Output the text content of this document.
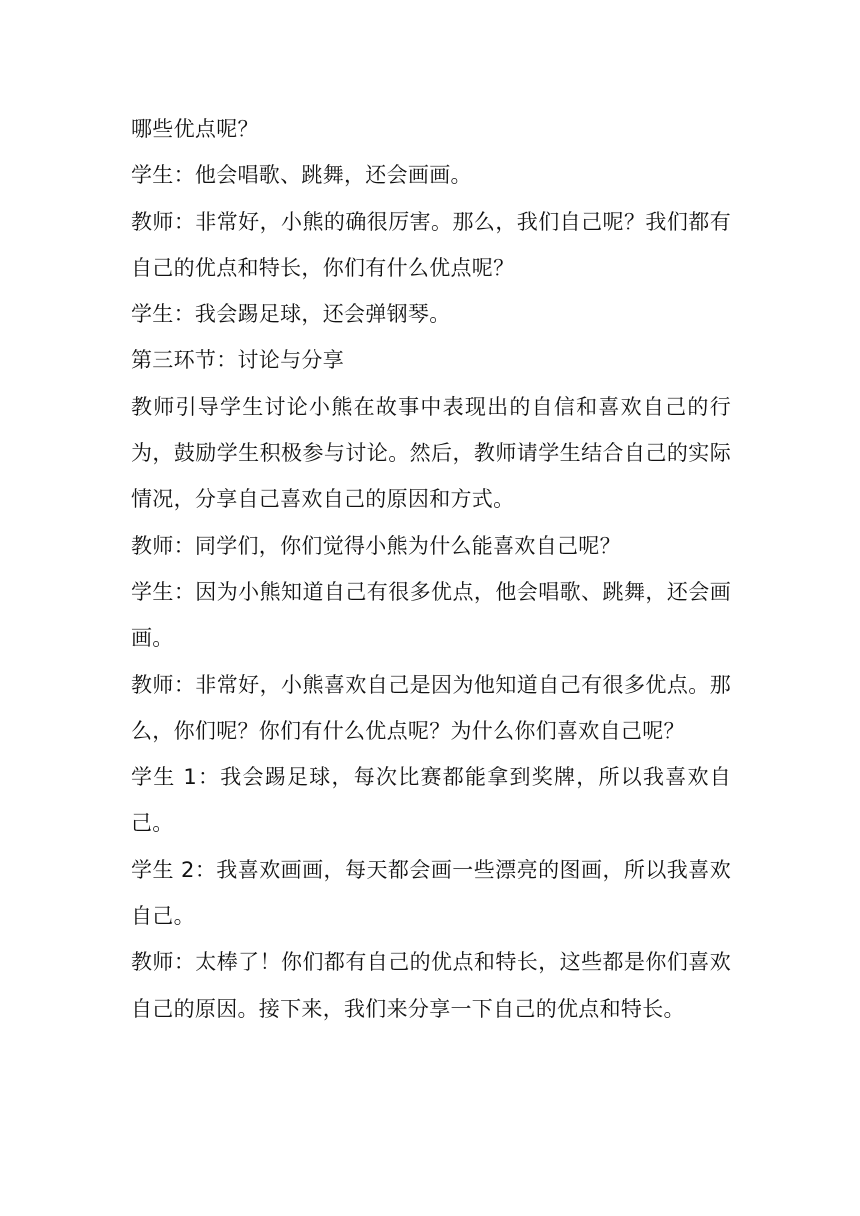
哪些优点呢？

学生：他会唱歌、跳舞，还会画画。

教师：非常好，小熊的确很厉害。那么，我们自己呢？我们都有自己的优点和特长，你们有什么优点呢？

学生：我会踢足球，还会弹钢琴。

第三环节：讨论与分享

教师引导学生讨论小熊在故事中表现出的自信和喜欢自己的行为，鼓励学生积极参与讨论。然后，教师请学生结合自己的实际情况，分享自己喜欢自己的原因和方式。

教师：同学们，你们觉得小熊为什么能喜欢自己呢？

学生：因为小熊知道自己有很多优点，他会唱歌、跳舞，还会画画。

教师：非常好，小熊喜欢自己是因为他知道自己有很多优点。那么，你们呢？你们有什么优点呢？为什么你们喜欢自己呢？

学生 1：我会踢足球，每次比赛都能拿到奖牌，所以我喜欢自己。

学生 2：我喜欢画画，每天都会画一些漂亮的图画，所以我喜欢自己。

教师：太棒了！你们都有自己的优点和特长，这些都是你们喜欢自己的原因。接下来，我们来分享一下自己的优点和特长。
